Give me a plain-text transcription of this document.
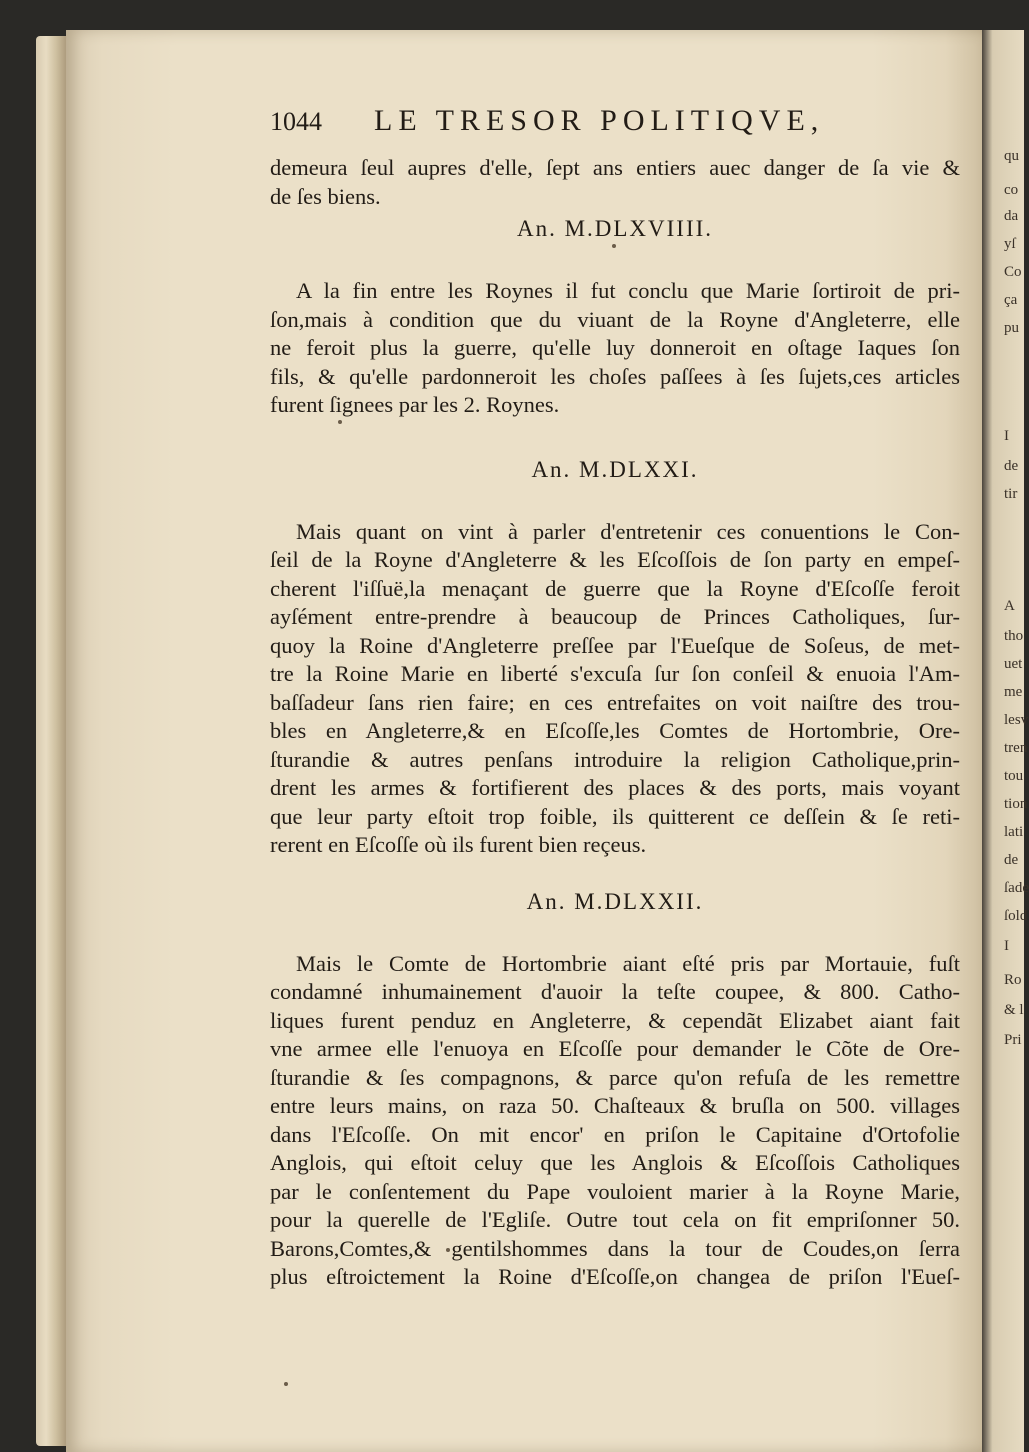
qu
co
da
yſ
Co
ça
pu
I
de
tir
A
tho
uet
me
lesv
tren
tou
tion
lati
de
ſade
ſold
I
Ro
& l
Pri
1044	LE TRESOR POLITIQVE,
demeura ſeul aupres d'elle, ſept ans entiers auec danger de ſa vie &
de ſes biens.
An. M.DLXVIIII.
A la fin entre les Roynes il fut conclu que Marie ſortiroit de pri-
ſon,mais à condition que du viuant de la Royne d'Angleterre, elle
ne feroit plus la guerre, qu'elle luy donneroit en oſtage Iaques ſon
fils, & qu'elle pardonneroit les choſes paſſees à ſes ſujets,ces articles
furent ſignees par les 2. Roynes.
An. M.DLXXI.
Mais quant on vint à parler d'entretenir ces conuentions le Con-
ſeil de la Royne d'Angleterre & les Eſcoſſois de ſon party en empeſ-
cherent l'iſſuë,la menaçant de guerre que la Royne d'Eſcoſſe feroit
ayſément entre-prendre à beaucoup de Princes Catholiques, ſur-
quoy la Roine d'Angleterre preſſee par l'Eueſque de Soſeus, de met-
tre la Roine Marie en liberté s'excuſa ſur ſon conſeil & enuoia l'Am-
baſſadeur ſans rien faire; en ces entrefaites on voit naiſtre des trou-
bles en Angleterre,& en Eſcoſſe,les Comtes de Hortombrie, Ore-
ſturandie & autres penſans introduire la religion Catholique,prin-
drent les armes & fortifierent des places & des ports, mais voyant
que leur party eſtoit trop foible, ils quitterent ce deſſein & ſe reti-
rerent en Eſcoſſe où ils furent bien reçeus.
An. M.DLXXII.
Mais le Comte de Hortombrie aiant eſté pris par Mortauie, fuſt
condamné inhumainement d'auoir la teſte coupee, & 800. Catho-
liques furent penduz en Angleterre, & cependãt Elizabet aiant fait
vne armee elle l'enuoya en Eſcoſſe pour demander le Cõte de Ore-
ſturandie & ſes compagnons, & parce qu'on refuſa de les remettre
entre leurs mains, on raza 50. Chaſteaux & bruſla on 500. villages
dans l'Eſcoſſe. On mit encor' en priſon le Capitaine d'Ortofolie
Anglois, qui eſtoit celuy que les Anglois & Eſcoſſois Catholiques
par le conſentement du Pape vouloient marier à la Royne Marie,
pour la querelle de l'Egliſe. Outre tout cela on fit empriſonner 50.
Barons,Comtes,& gentilshommes dans la tour de Coudes,on ſerra
plus eſtroictement la Roine d'Eſcoſſe,on changea de priſon l'Eueſ-
